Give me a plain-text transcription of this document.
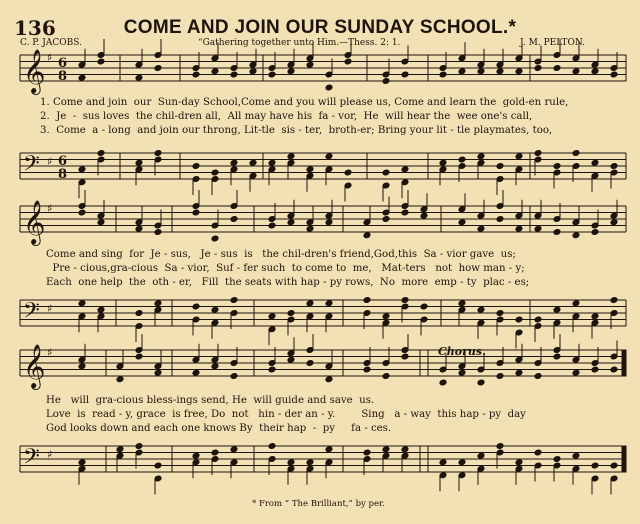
136	COME AND JOIN OUR SUNDAY SCHOOL.*
C. P. JACOBS.	“Gathering together unto Him.—Thess. 2: 1.	J. M. PELTON.
𝄞 ♯
𝄢 ♯
𝄞 ♯
𝄢 ♯
𝄞 ♯
𝄢 ♯
6
8
6
8
1. Come and join  our  Sun-day School,Come and you will please us, Come and learn the  gold-en rule,
2.  Je  -  sus loves  the chil-dren all,  All may have his  fa - vor,  He  will hear the  wee one's call,
3.  Come  a - long  and join our throng, Lit-tle  sis - ter,  broth-er; Bring your lit - tle playmates, too,
Come and sing  for  Je - sus,   Je - sus  is   the chil-dren's friend,God,this  Sa - vior gave  us;
Pre - cious,gra-cious  Sa - vior,  Suf - fer such  to come to  me,   Mat-ters   not  how man - y;
Each  one help  the  oth - er,   Fill  the seats with hap - py rows,  No  more  emp - ty  plac - es;
Chorus.
He   will  gra-cious bless-ings send, He  will guide and save  us.
Love  is  read - y, grace  is free, Do  not   hin - der an - y.        Sing   a - way  this hap - py  day
God looks down and each one knows By  their hap  -  py     fa - ces.
* From “ The Brilliant,” by per.
